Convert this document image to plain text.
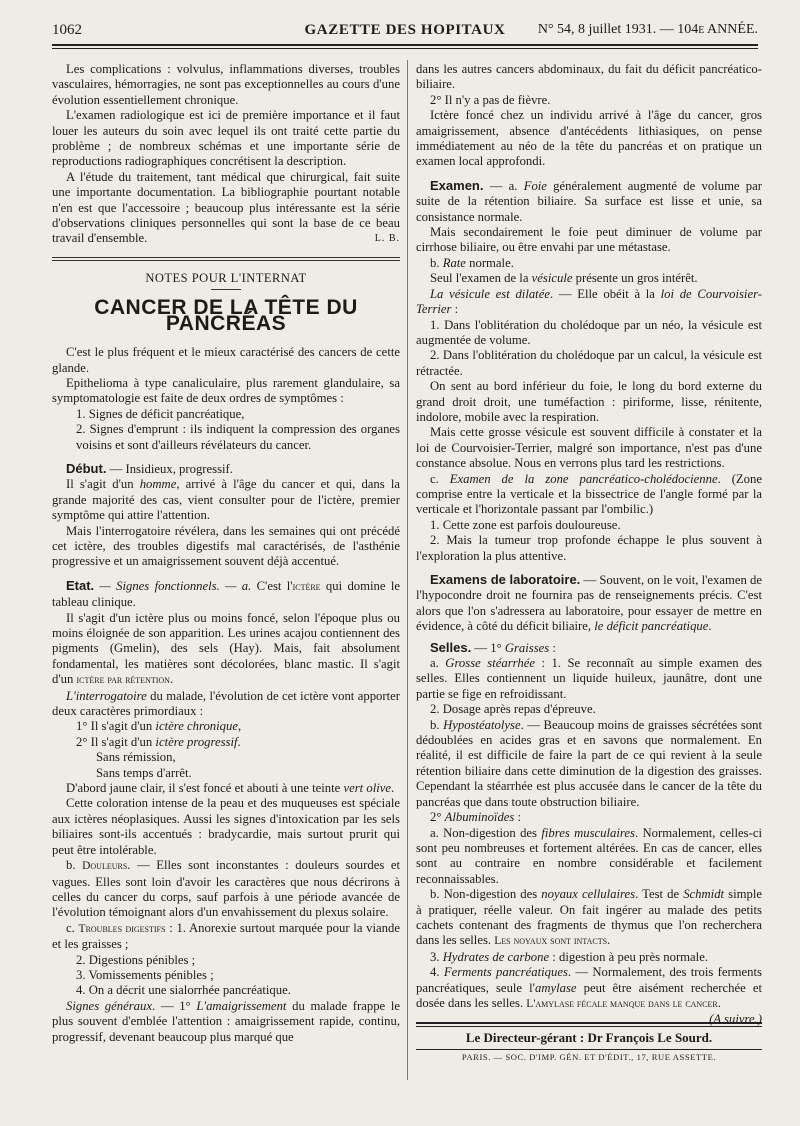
1062	GAZETTE DES HOPITAUX	N° 54, 8 juillet 1931. — 104e ANNÉE.

Les complications : volvulus, inflammations diverses, troubles vasculaires, hémorragies, ne sont pas exceptionnelles au cours d'une évolution essentiellement chronique.

L'examen radiologique est ici de première importance et il faut louer les auteurs du soin avec lequel ils ont traité cette partie du problème ; de nombreux schémas et une importante série de reproductions radiographiques concrétisent la description.

A l'étude du traitement, tant médical que chirurgical, fait suite une importante documentation. La bibliographie pourtant notable n'en est que l'accessoire ; beaucoup plus intéressante est la série d'observations cliniques personnelles qui sont la base de ce beau travail d'ensemble.	L. B.

NOTES POUR L'INTERNAT
CANCER DE LA TÊTE DU PANCRÉAS

C'est le plus fréquent et le mieux caractérisé des cancers de cette glande.

Epithelioma à type canaliculaire, plus rarement glandulaire, sa symptomatologie est faite de deux ordres de symptômes :

1. Signes de déficit pancréatique,

2. Signes d'emprunt : ils indiquent la compression des organes voisins et sont d'ailleurs révélateurs du cancer.

Début. — Insidieux, progressif.

Il s'agit d'un homme, arrivé à l'âge du cancer et qui, dans la grande majorité des cas, vient consulter pour de l'ictère, premier symptôme qui attire l'attention.

Mais l'interrogatoire révélera, dans les semaines qui ont précédé cet ictère, des troubles digestifs mal caractérisés, de l'asthénie progressive et un amaigrissement souvent déjà accentué.

Etat. — Signes fonctionnels. — a. C'est l'ictère qui domine le tableau clinique.

Il s'agit d'un ictère plus ou moins foncé, selon l'époque plus ou moins éloignée de son apparition. Les urines acajou contiennent des pigments (Gmelin), des sels (Hay). Mais, fait absolument fondamental, les matières sont décolorées, blanc mastic. Il s'agit d'un ictère par rétention.

L'interrogatoire du malade, l'évolution de cet ictère vont apporter deux caractères primordiaux :

1° Il s'agit d'un ictère chronique,

2° Il s'agit d'un ictère progressif.

Sans rémission,

Sans temps d'arrêt.

D'abord jaune clair, il s'est foncé et abouti à une teinte vert olive.

Cette coloration intense de la peau et des muqueuses est spéciale aux ictères néoplasiques. Aussi les signes d'intoxication par les sels biliaires sont-ils accentués : bradycardie, mais surtout prurit qui peut être intolérable.

b. Douleurs. — Elles sont inconstantes : douleurs sourdes et vagues. Elles sont loin d'avoir les caractères que nous décrirons à celles du cancer du corps, sauf parfois à une période avancée de l'évolution témoignant alors d'un envahissement du plexus solaire.

c. Troubles digestifs : 1. Anorexie surtout marquée pour la viande et les graisses ;

2. Digestions pénibles ;

3. Vomissements pénibles ;

4. On a décrit une sialorrhée pancréatique.

Signes généraux. — 1° L'amaigrissement du malade frappe le plus souvent d'emblée l'attention : amaigrissement rapide, continu, progressif, devenant beaucoup plus marqué que

dans les autres cancers abdominaux, du fait du déficit pancréatico-biliaire.

2° Il n'y a pas de fièvre.

Ictère foncé chez un individu arrivé à l'âge du cancer, gros amaigrissement, absence d'antécédents lithiasiques, on pense immédiatement au néo de la tête du pancréas et on pratique un examen local approfondi.

Examen. — a. Foie généralement augmenté de volume par suite de la rétention biliaire. Sa surface est lisse et unie, sa consistance normale.

Mais secondairement le foie peut diminuer de volume par cirrhose biliaire, ou être envahi par une métastase.

b. Rate normale.

Seul l'examen de la vésicule présente un gros intérêt.

La vésicule est dilatée. — Elle obéit à la loi de Courvoisier-Terrier :

1. Dans l'oblitération du cholédoque par un néo, la vésicule est augmentée de volume.

2. Dans l'oblitération du cholédoque par un calcul, la vésicule est rétractée.

On sent au bord inférieur du foie, le long du bord externe du grand droit droit, une tuméfaction : piriforme, lisse, rénitente, indolore, mobile avec la respiration.

Mais cette grosse vésicule est souvent difficile à constater et la loi de Courvoisier-Terrier, malgré son importance, n'est pas d'une constance absolue. Nous en verrons plus tard les restrictions.

c. Examen de la zone pancréatico-cholédocienne. (Zone comprise entre la verticale et la bissectrice de l'angle formé par la verticale et l'horizontale passant par l'ombilic.)

1. Cette zone est parfois douloureuse.

2. Mais la tumeur trop profonde échappe le plus souvent à l'exploration la plus attentive.

Examens de laboratoire. — Souvent, on le voit, l'examen de l'hypocondre droit ne fournira pas de renseignements précis. C'est alors que l'on s'adressera au laboratoire, pour essayer de mettre en évidence, à côté du déficit biliaire, le déficit pancréatique.

Selles. — 1° Graisses :

a. Grosse stéarrhée : 1. Se reconnaît au simple examen des selles. Elles contiennent un liquide huileux, jaunâtre, dont une partie se fige en refroidissant.

2. Dosage après repas d'épreuve.

b. Hypostéatolyse. — Beaucoup moins de graisses sécrétées sont dédoublées en acides gras et en savons que normalement. En réalité, il est difficile de faire la part de ce qui revient à la seule rétention biliaire dans cette diminution de la digestion des graisses. Cependant la stéarrhée est plus accusée dans le cancer de la tête du pancréas que dans toute obstruction biliaire.

2° Albuminoïdes :

a. Non-digestion des fibres musculaires. Normalement, celles-ci sont peu nombreuses et fortement altérées. En cas de cancer, elles sont au contraire en nombre considérable et facilement reconnaissables.

b. Non-digestion des noyaux cellulaires. Test de Schmidt simple à pratiquer, réelle valeur. On fait ingérer au malade des petits cachets contenant des fragments de thymus que l'on recherchera dans les selles. Les noyaux sont intacts.

3. Hydrates de carbone : digestion à peu près normale.

4. Ferments pancréatiques. — Normalement, des trois ferments pancréatiques, seule l'amylase peut être aisément recherchée et dosée dans les selles. L'amylase fécale manque dans le cancer.
(A suivre.)

Le Directeur-gérant : Dr François Le Sourd.
PARIS. — SOC. D'IMP. GÉN. ET D'ÉDIT., 17, RUE ASSETTE.
